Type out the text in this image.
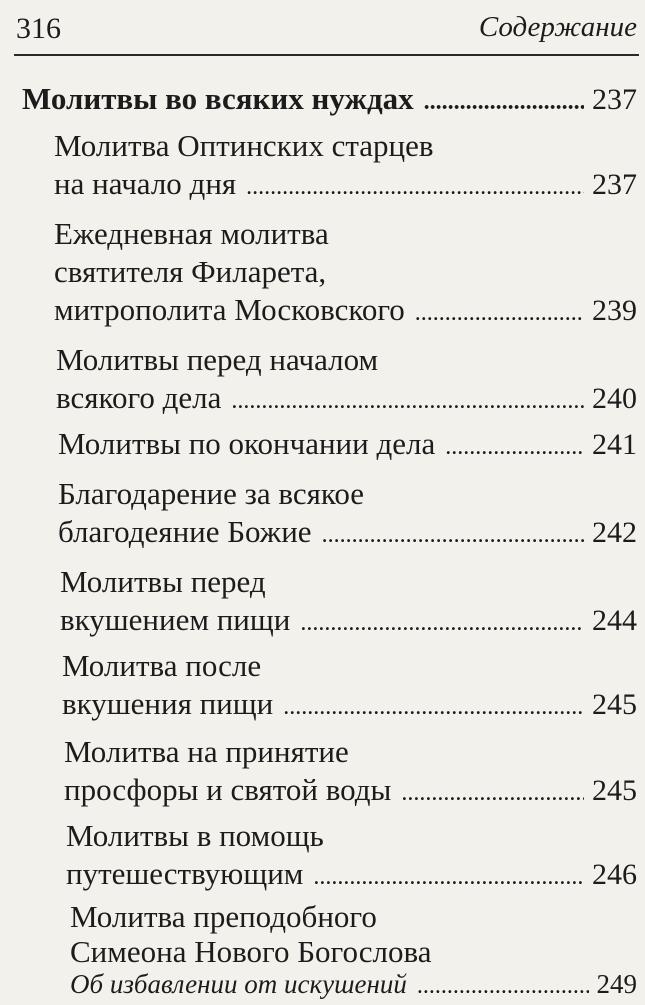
316	Содержание
Молитвы во всяких нуждах .....	237
Молитва Оптинских старцев
на начало дня .....	237
Ежедневная молитва
святителя Филарета,
митрополита Московского .....	239
Молитвы перед началом
всякого дела .....	240
Молитвы по окончании дела .....	241
Благодарение за всякое
благодеяние Божие .....	242
Молитвы перед
вкушением пищи .....	244
Молитва после
вкушения пищи .....	245
Молитва на принятие
просфоры и святой воды .....	245
Молитвы в помощь
путешествующим .....	246
Молитва преподобного
Симеона Нового Богослова
Об избавлении от искушений .....	249
